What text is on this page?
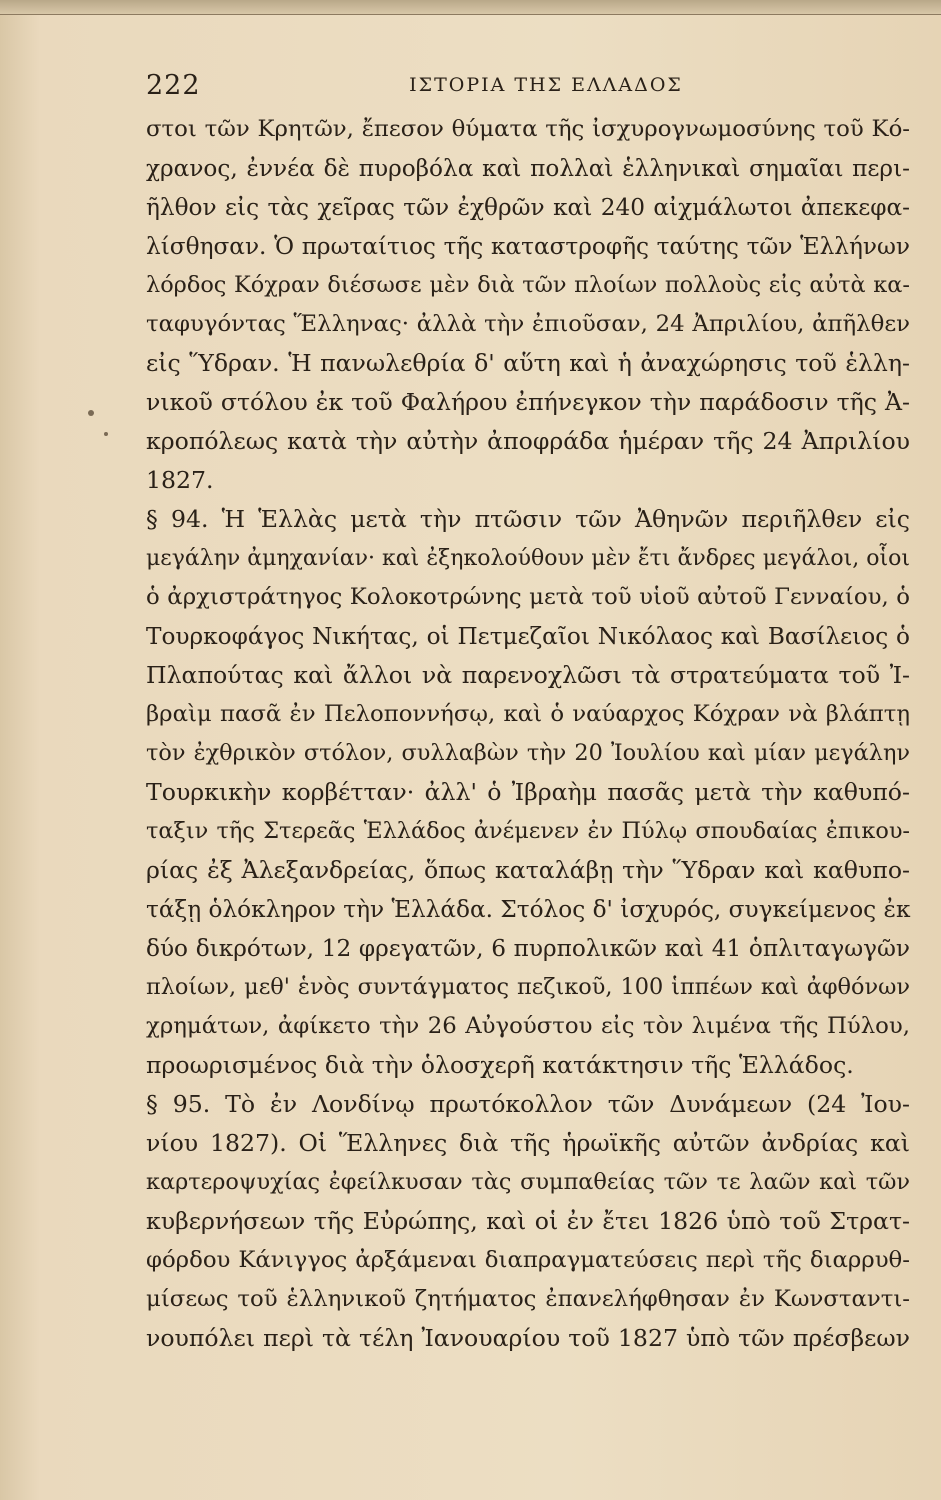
222	ΙΣΤΟΡΙΑ ΤΗΣ ΕΛΛΑΔΟΣ
στοι τῶν Κρητῶν, ἔπεσον θύματα τῆς ἰσχυρογνωμοσύνης τοῦ Κό-
χρανος, ἐννέα δὲ πυροβόλα καὶ πολλαὶ ἑλληνικαὶ σημαῖαι περι-
ῆλθον εἰς τὰς χεῖρας τῶν ἐχθρῶν καὶ 240 αἰχμάλωτοι ἀπεκεφα-
λίσθησαν. Ὁ πρωταίτιος τῆς καταστροφῆς ταύτης τῶν Ἑλλήνων
λόρδος Κόχραν διέσωσε μὲν διὰ τῶν πλοίων πολλοὺς εἰς αὐτὰ κα-
ταφυγόντας Ἕλληνας· ἀλλὰ τὴν ἐπιοῦσαν, 24 Ἀπριλίου, ἀπῆλθεν
εἰς Ὕδραν. Ἡ πανωλεθρία δ' αὕτη καὶ ἡ ἀναχώρησις τοῦ ἑλλη-
νικοῦ στόλου ἐκ τοῦ Φαλήρου ἐπήνεγκον τὴν παράδοσιν τῆς Ἀ-
κροπόλεως κατὰ τὴν αὐτὴν ἀποφράδα ἡμέραν τῆς 24 Ἀπριλίου
1827.
§ 94. Ἡ Ἑλλὰς μετὰ τὴν πτῶσιν τῶν Ἀθηνῶν περιῆλθεν εἰς
μεγάλην ἀμηχανίαν· καὶ ἐξηκολούθουν μὲν ἔτι ἄνδρες μεγάλοι, οἷοι
ὁ ἀρχιστράτηγος Κολοκοτρώνης μετὰ τοῦ υἱοῦ αὐτοῦ Γενναίου, ὁ
Τουρκοφάγος Νικήτας, οἱ Πετμεζαῖοι Νικόλαος καὶ Βασίλειος ὁ
Πλαπούτας καὶ ἄλλοι νὰ παρενοχλῶσι τὰ στρατεύματα τοῦ Ἰ-
βραὶμ πασᾶ ἐν Πελοποννήσῳ, καὶ ὁ ναύαρχος Κόχραν νὰ βλάπτῃ
τὸν ἐχθρικὸν στόλον, συλλαβὼν τὴν 20 Ἰουλίου καὶ μίαν μεγάλην
Τουρκικὴν κορβέτταν· ἀλλ' ὁ Ἰβραὴμ πασᾶς μετὰ τὴν καθυπό-
ταξιν τῆς Στερεᾶς Ἑλλάδος ἀνέμενεν ἐν Πύλῳ σπουδαίας ἐπικου-
ρίας ἐξ Ἀλεξανδρείας, ὅπως καταλάβῃ τὴν Ὕδραν καὶ καθυπο-
τάξῃ ὁλόκληρον τὴν Ἑλλάδα. Στόλος δ' ἰσχυρός, συγκείμενος ἐκ
δύο δικρότων, 12 φρεγατῶν, 6 πυρπολικῶν καὶ 41 ὁπλιταγωγῶν
πλοίων, μεθ' ἑνὸς συντάγματος πεζικοῦ, 100 ἱππέων καὶ ἀφθόνων
χρημάτων, ἀφίκετο τὴν 26 Αὐγούστου εἰς τὸν λιμένα τῆς Πύλου,
προωρισμένος διὰ τὴν ὁλοσχερῆ κατάκτησιν τῆς Ἑλλάδος.
§ 95. Τὸ ἐν Λονδίνῳ πρωτόκολλον τῶν Δυνάμεων (24 Ἰου-
νίου 1827). Οἱ Ἕλληνες διὰ τῆς ἡρωϊκῆς αὐτῶν ἀνδρίας καὶ
καρτεροψυχίας ἐφείλκυσαν τὰς συμπαθείας τῶν τε λαῶν καὶ τῶν
κυβερνήσεων τῆς Εὐρώπης, καὶ οἱ ἐν ἔτει 1826 ὑπὸ τοῦ Στρατ-
φόρδου Κάνιγγος ἀρξάμεναι διαπραγματεύσεις περὶ τῆς διαρρυθ-
μίσεως τοῦ ἑλληνικοῦ ζητήματος ἐπανελήφθησαν ἐν Κωνσταντι-
νουπόλει περὶ τὰ τέλη Ἰανουαρίου τοῦ 1827 ὑπὸ τῶν πρέσβεων
